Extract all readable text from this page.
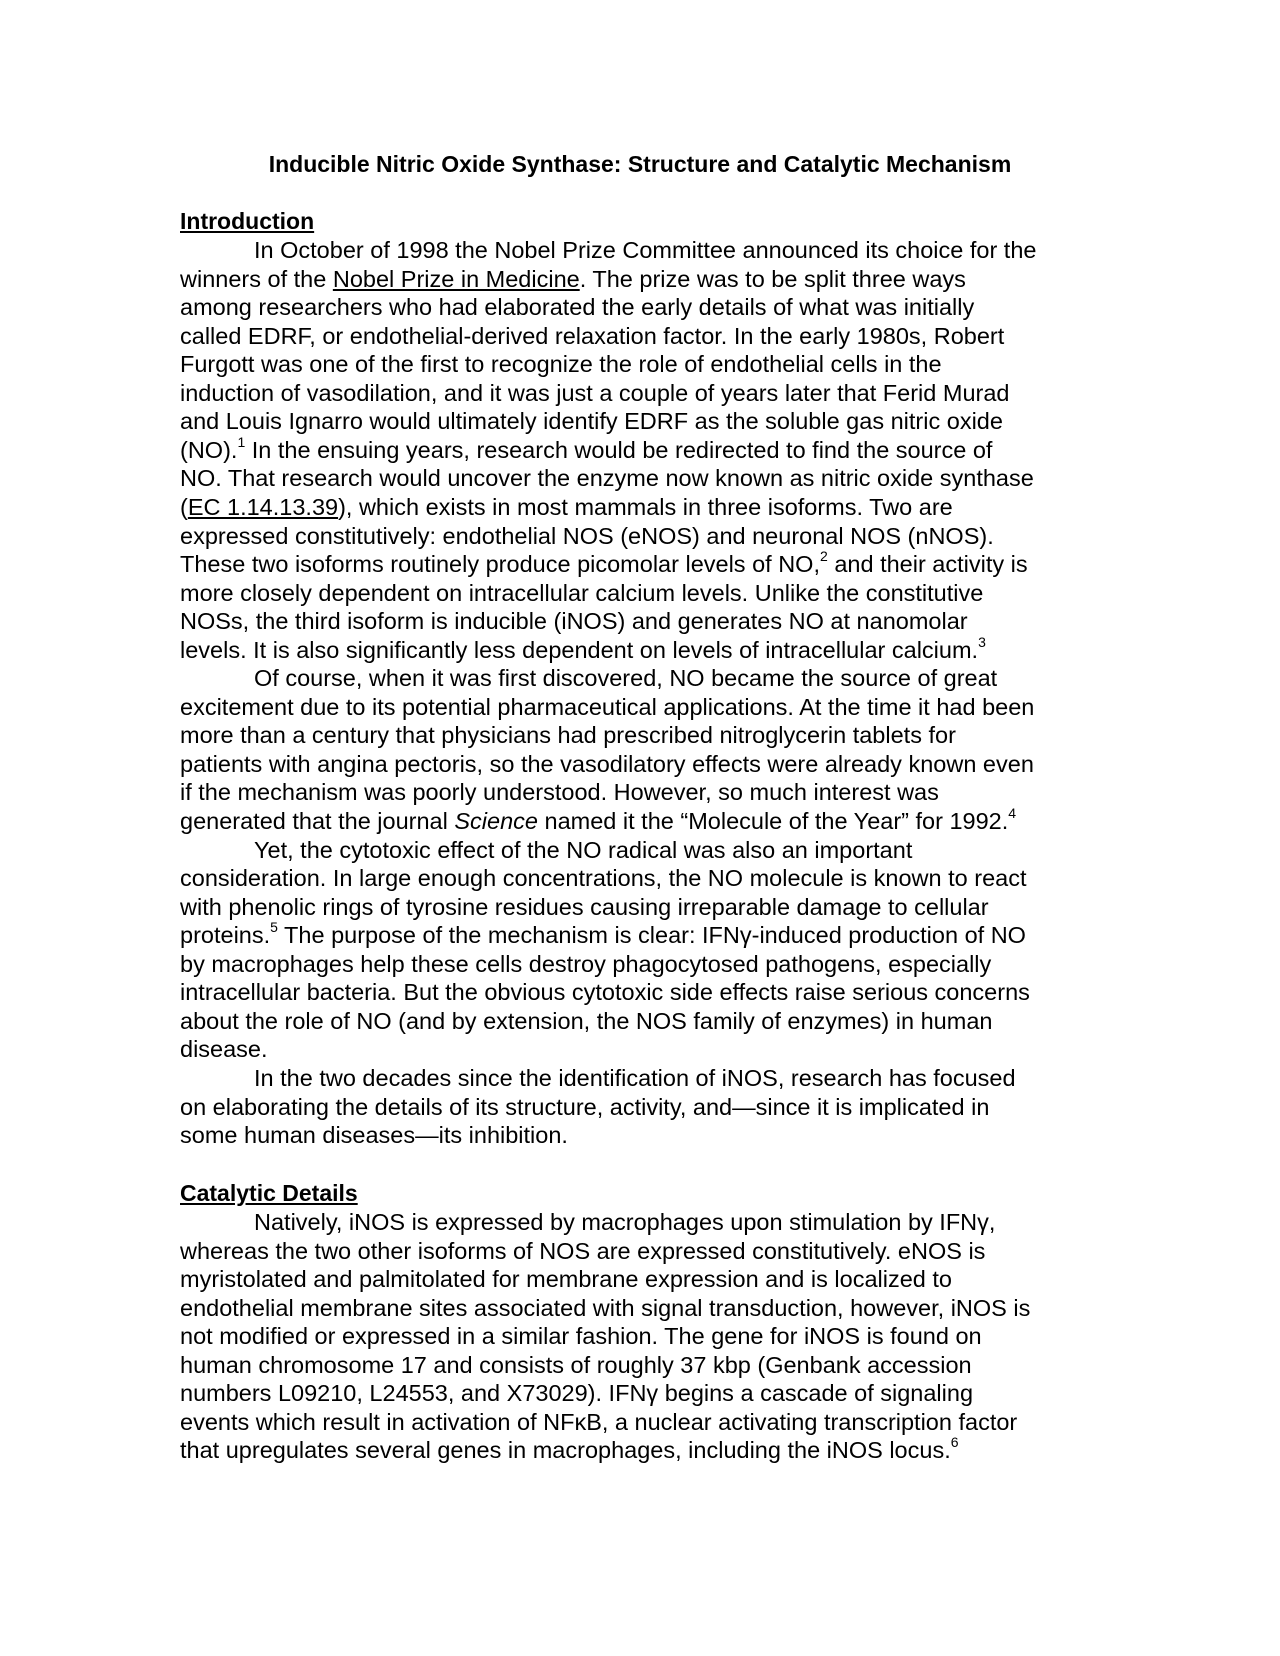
Inducible Nitric Oxide Synthase: Structure and Catalytic Mechanism
Introduction
In October of 1998 the Nobel Prize Committee announced its choice for the
winners of the Nobel Prize in Medicine. The prize was to be split three ways
among researchers who had elaborated the early details of what was initially
called EDRF, or endothelial-derived relaxation factor. In the early 1980s, Robert
Furgott was one of the first to recognize the role of endothelial cells in the
induction of vasodilation, and it was just a couple of years later that Ferid Murad
and Louis Ignarro would ultimately identify EDRF as the soluble gas nitric oxide
(NO).$^1$ In the ensuing years, research would be redirected to find the source of
NO. That research would uncover the enzyme now known as nitric oxide synthase
(EC 1.14.13.39), which exists in most mammals in three isoforms. Two are
expressed constitutively: endothelial NOS (eNOS) and neuronal NOS (nNOS).
These two isoforms routinely produce picomolar levels of NO,$^2$ and their activity is
more closely dependent on intracellular calcium levels. Unlike the constitutive
NOSs, the third isoform is inducible (iNOS) and generates NO at nanomolar
levels. It is also significantly less dependent on levels of intracellular calcium.$^3$
Of course, when it was first discovered, NO became the source of great
excitement due to its potential pharmaceutical applications. At the time it had been
more than a century that physicians had prescribed nitroglycerin tablets for
patients with angina pectoris, so the vasodilatory effects were already known even
if the mechanism was poorly understood. However, so much interest was
generated that the journal Science named it the “Molecule of the Year” for 1992.$^4$
Yet, the cytotoxic effect of the NO radical was also an important
consideration. In large enough concentrations, the NO molecule is known to react
with phenolic rings of tyrosine residues causing irreparable damage to cellular
proteins.$^5$ The purpose of the mechanism is clear: IFNγ-induced production of NO
by macrophages help these cells destroy phagocytosed pathogens, especially
intracellular bacteria. But the obvious cytotoxic side effects raise serious concerns
about the role of NO (and by extension, the NOS family of enzymes) in human
disease.
In the two decades since the identification of iNOS, research has focused
on elaborating the details of its structure, activity, and—since it is implicated in
some human diseases—its inhibition.
Catalytic Details
Natively, iNOS is expressed by macrophages upon stimulation by IFNγ,
whereas the two other isoforms of NOS are expressed constitutively. eNOS is
myristolated and palmitolated for membrane expression and is localized to
endothelial membrane sites associated with signal transduction, however, iNOS is
not modified or expressed in a similar fashion. The gene for iNOS is found on
human chromosome 17 and consists of roughly 37 kbp (Genbank accession
numbers L09210, L24553, and X73029). IFNγ begins a cascade of signaling
events which result in activation of NFκB, a nuclear activating transcription factor
that upregulates several genes in macrophages, including the iNOS locus.$^6$
